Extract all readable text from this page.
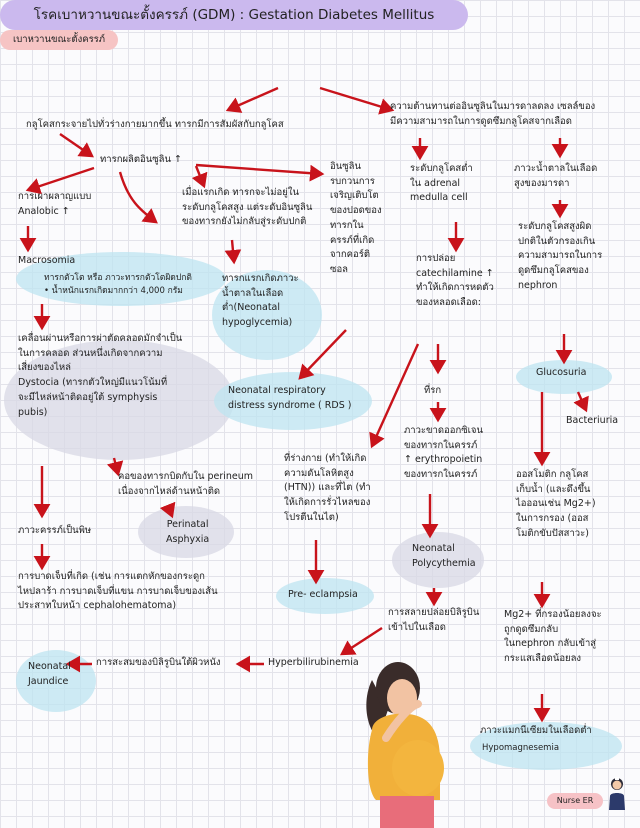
โรคเบาหวานขณะตั้งครรภ์ (GDM) : Gestation Diabetes Mellitus
เบาหวานขณะตั้งครรภ์
กลูโคสกระจายไปทั่วร่างกายมากขึ้น ทารกมีการสัมผัสกับกลูโคส
ทารกผลิตอินซูลิน ↑
การเผาผลาญแบบ
Analobic ↑
Macrosomia
ทารกตัวโต หรือ ภาวะทารกตัวโตผิดปกติ
• น้ำหนักแรกเกิดมากกว่า 4,000 กรัม
เคลื่อนผ่านหรือการผ่าตัดคลอดมักจำเป็น
ในการคลอด ส่วนหนึ่งเกิดจากความ
เสี่ยงของไหล่
Dystocia (ทารกตัวใหญ่มีแนวโน้มที่
จะมีไหล่หน้าติดอยู่ใต้ symphysis
pubis)
คอของทารกบิดกับใน perineum
เนื่องจากไหล่ด้านหน้าติด
Perinatal
Asphyxia
ภาวะครรภ์เป็นพิษ
การบาดเจ็บที่เกิด (เช่น การแตกหักของกระดูก
ไหปลาร้า การบาดเจ็บที่แขน การบาดเจ็บของเส้น
ประสาทใบหน้า cephalohematoma)
เมื่อแรกเกิด ทารกจะไม่อยู่ใน
ระดับกลูโคสสูง แต่ระดับอินซูลิน
ของทารกยังไม่กลับสู่ระดับปกติ
ทารกแรกเกิดภาวะ
น้ำตาลในเลือด
ต่ำ(Neonatal
hypoglycemia)
อินซูลิน
รบกวนการ
เจริญเติบโต
ของปอดของ
ทารกใน
ครรภ์ที่เกิด
จากคอร์ติ
ซอล
Neonatal respiratory
distress syndrome ( RDS )
ความต้านทานต่ออินซูลินในมารดาลดลง เซลล์ของ
มีความสามารถในการดูดซึมกลูโคสจากเลือด
ระดับกลูโคสต่ำ
ใน adrenal
medulla cell
การปล่อย
catechilamine ↑
ทำให้เกิดการหดตัว
ของหลอดเลือด:
ที่รก
ภาวะขาดออกซิเจน
ของทารกในครรภ์
↑ erythropoietin
ของทารกในครรภ์
Neonatal
Polycythemia
ที่ร่างกาย (ทำให้เกิด
ความดันโลหิตสูง
(HTN)) และที่ไต (ทำ
ให้เกิดการรั่วไหลของ
โปรตีนในไต)
Pre- eclampsia
การสลายปล่อยบิลิรูบิน
เข้าไปในเลือด
Hyperbilirubinemia
การสะสมของบิลิรูบินใต้ผิวหนัง
Neonatal
Jaundice
ภาวะน้ำตาลในเลือด
สูงของมารดา
ระดับกลูโคสสูงผิด
ปกติในตัวกรองเกิน
ความสามารถในการ
ดูดซึมกลูโคสของ
nephron
Glucosuria
Bacteriuria
ออสโมติก กลูโคส
เก็บน้ำ (และดึงขึ้น
ไอออนเช่น Mg2+)
ในการกรอง (ออส
โมติกขับปัสสาวะ)
Mg2+ ที่กรองน้อยลงจะ
ถูกดูดซึมกลับ
ในnephron กลับเข้าสู่
กระแสเลือดน้อยลง
ภาวะแมกนีเซียมในเลือดต่ำ
Hypomagnesemia
Nurse ER
